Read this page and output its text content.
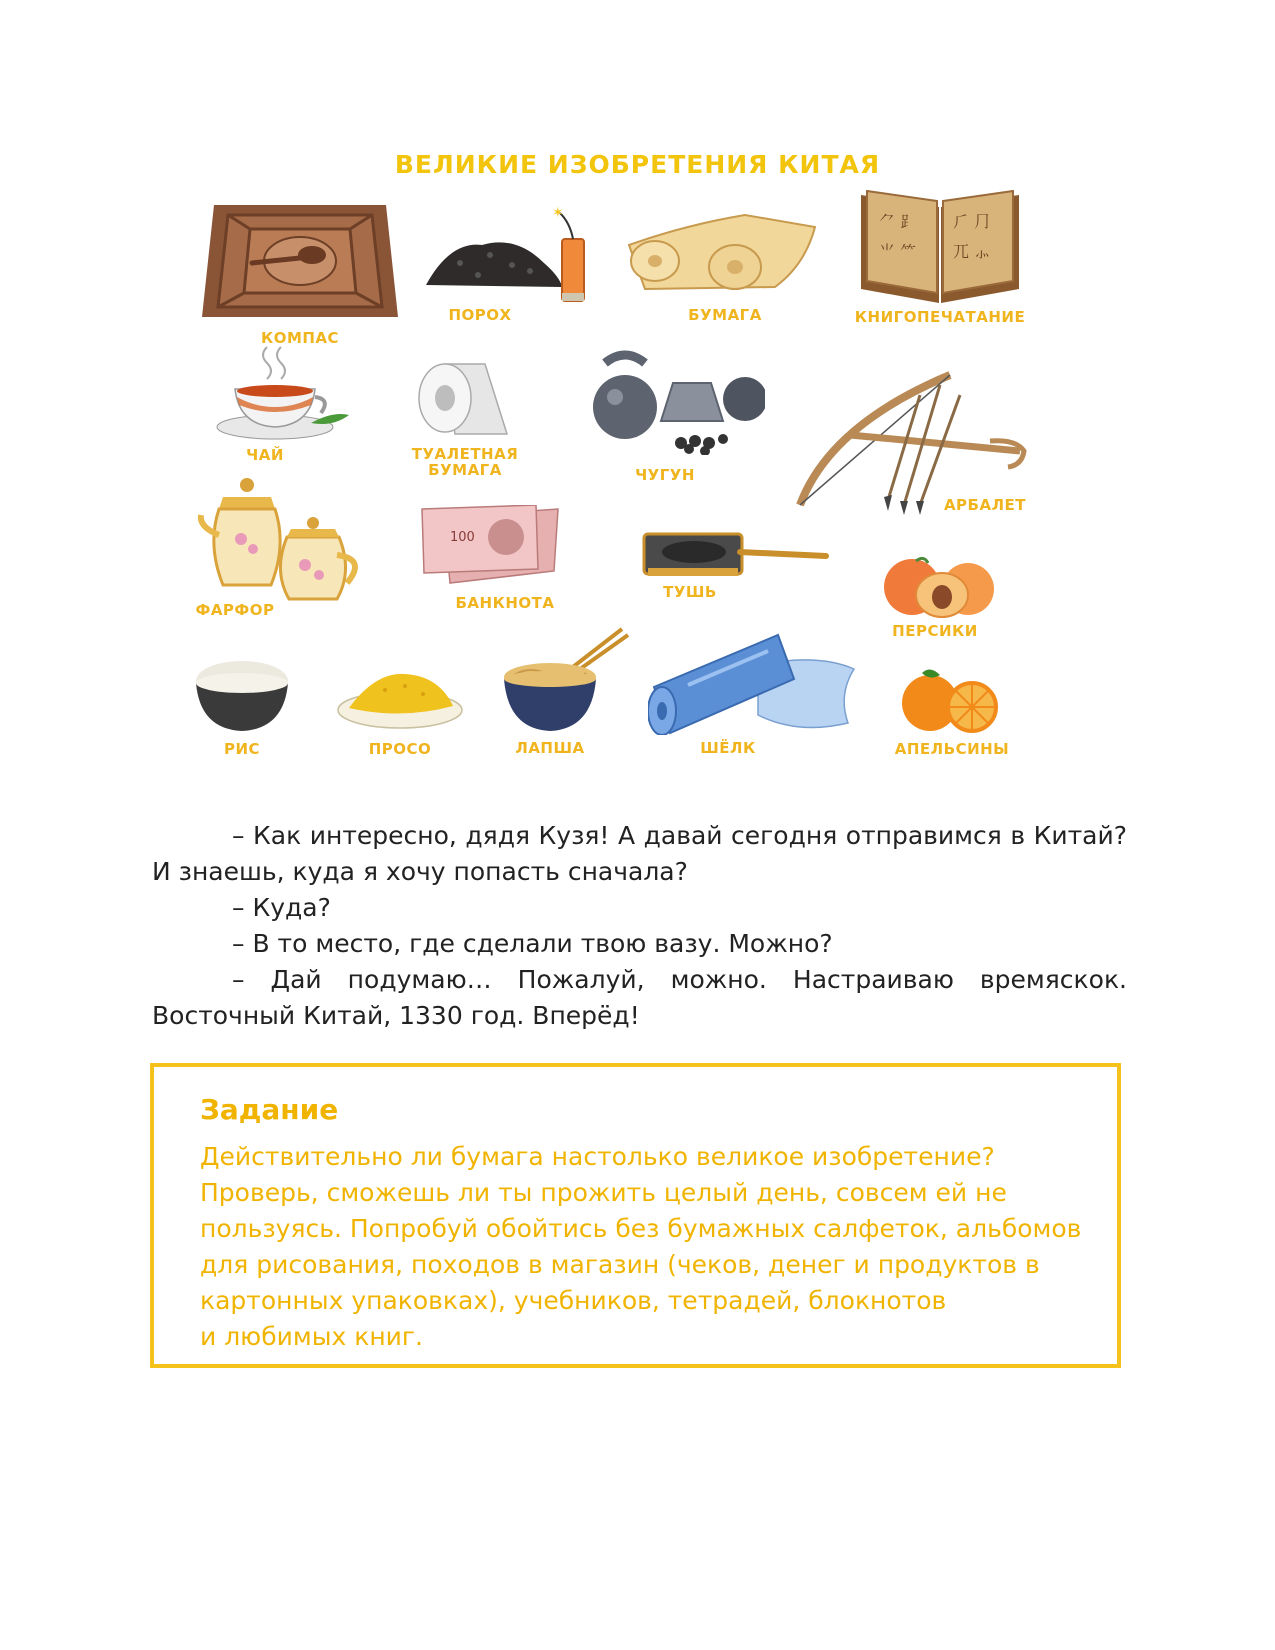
ВЕЛИКИЕ ИЗОБРЕТЕНИЯ КИТАЯ
КОМПАС
✶
ПОРОХ	БУМАГА
⺈ ⻊
⺌ ⺮
⺁ ⺆
⺎ ⺗
КНИГОПЕЧАТАНИЕ
ЧАЙ	ТУАЛЕТНАЯ
БУМАГА	ЧУГУН
АРБАЛЕТ
ФАРФОР
100
БАНКНОТА
ТУШЬ
ПЕРСИКИ
РИС	ПРОСО	ЛАПША	ШЁЛК	АПЕЛЬСИНЫ

– Как интересно, дядя Кузя! А давай сегодня отправимся в Китай? И знаешь, куда я хочу попасть сначала?

– Куда?

– В то место, где сделали твою вазу. Можно?

– Дай подумаю… Пожалуй, можно. Настраиваю времяскок. Восточный Китай, 1330 год. Вперёд!

Задание
Действительно ли бумага настолько великое изобретение?
Проверь, сможешь ли ты прожить целый день, совсем ей не
пользуясь. Попробуй обойтись без бумажных салфеток, альбомов
для рисования, походов в магазин (чеков, денег и продуктов в
картонных упаковках), учебников, тетрадей, блокнотов
и любимых книг.
